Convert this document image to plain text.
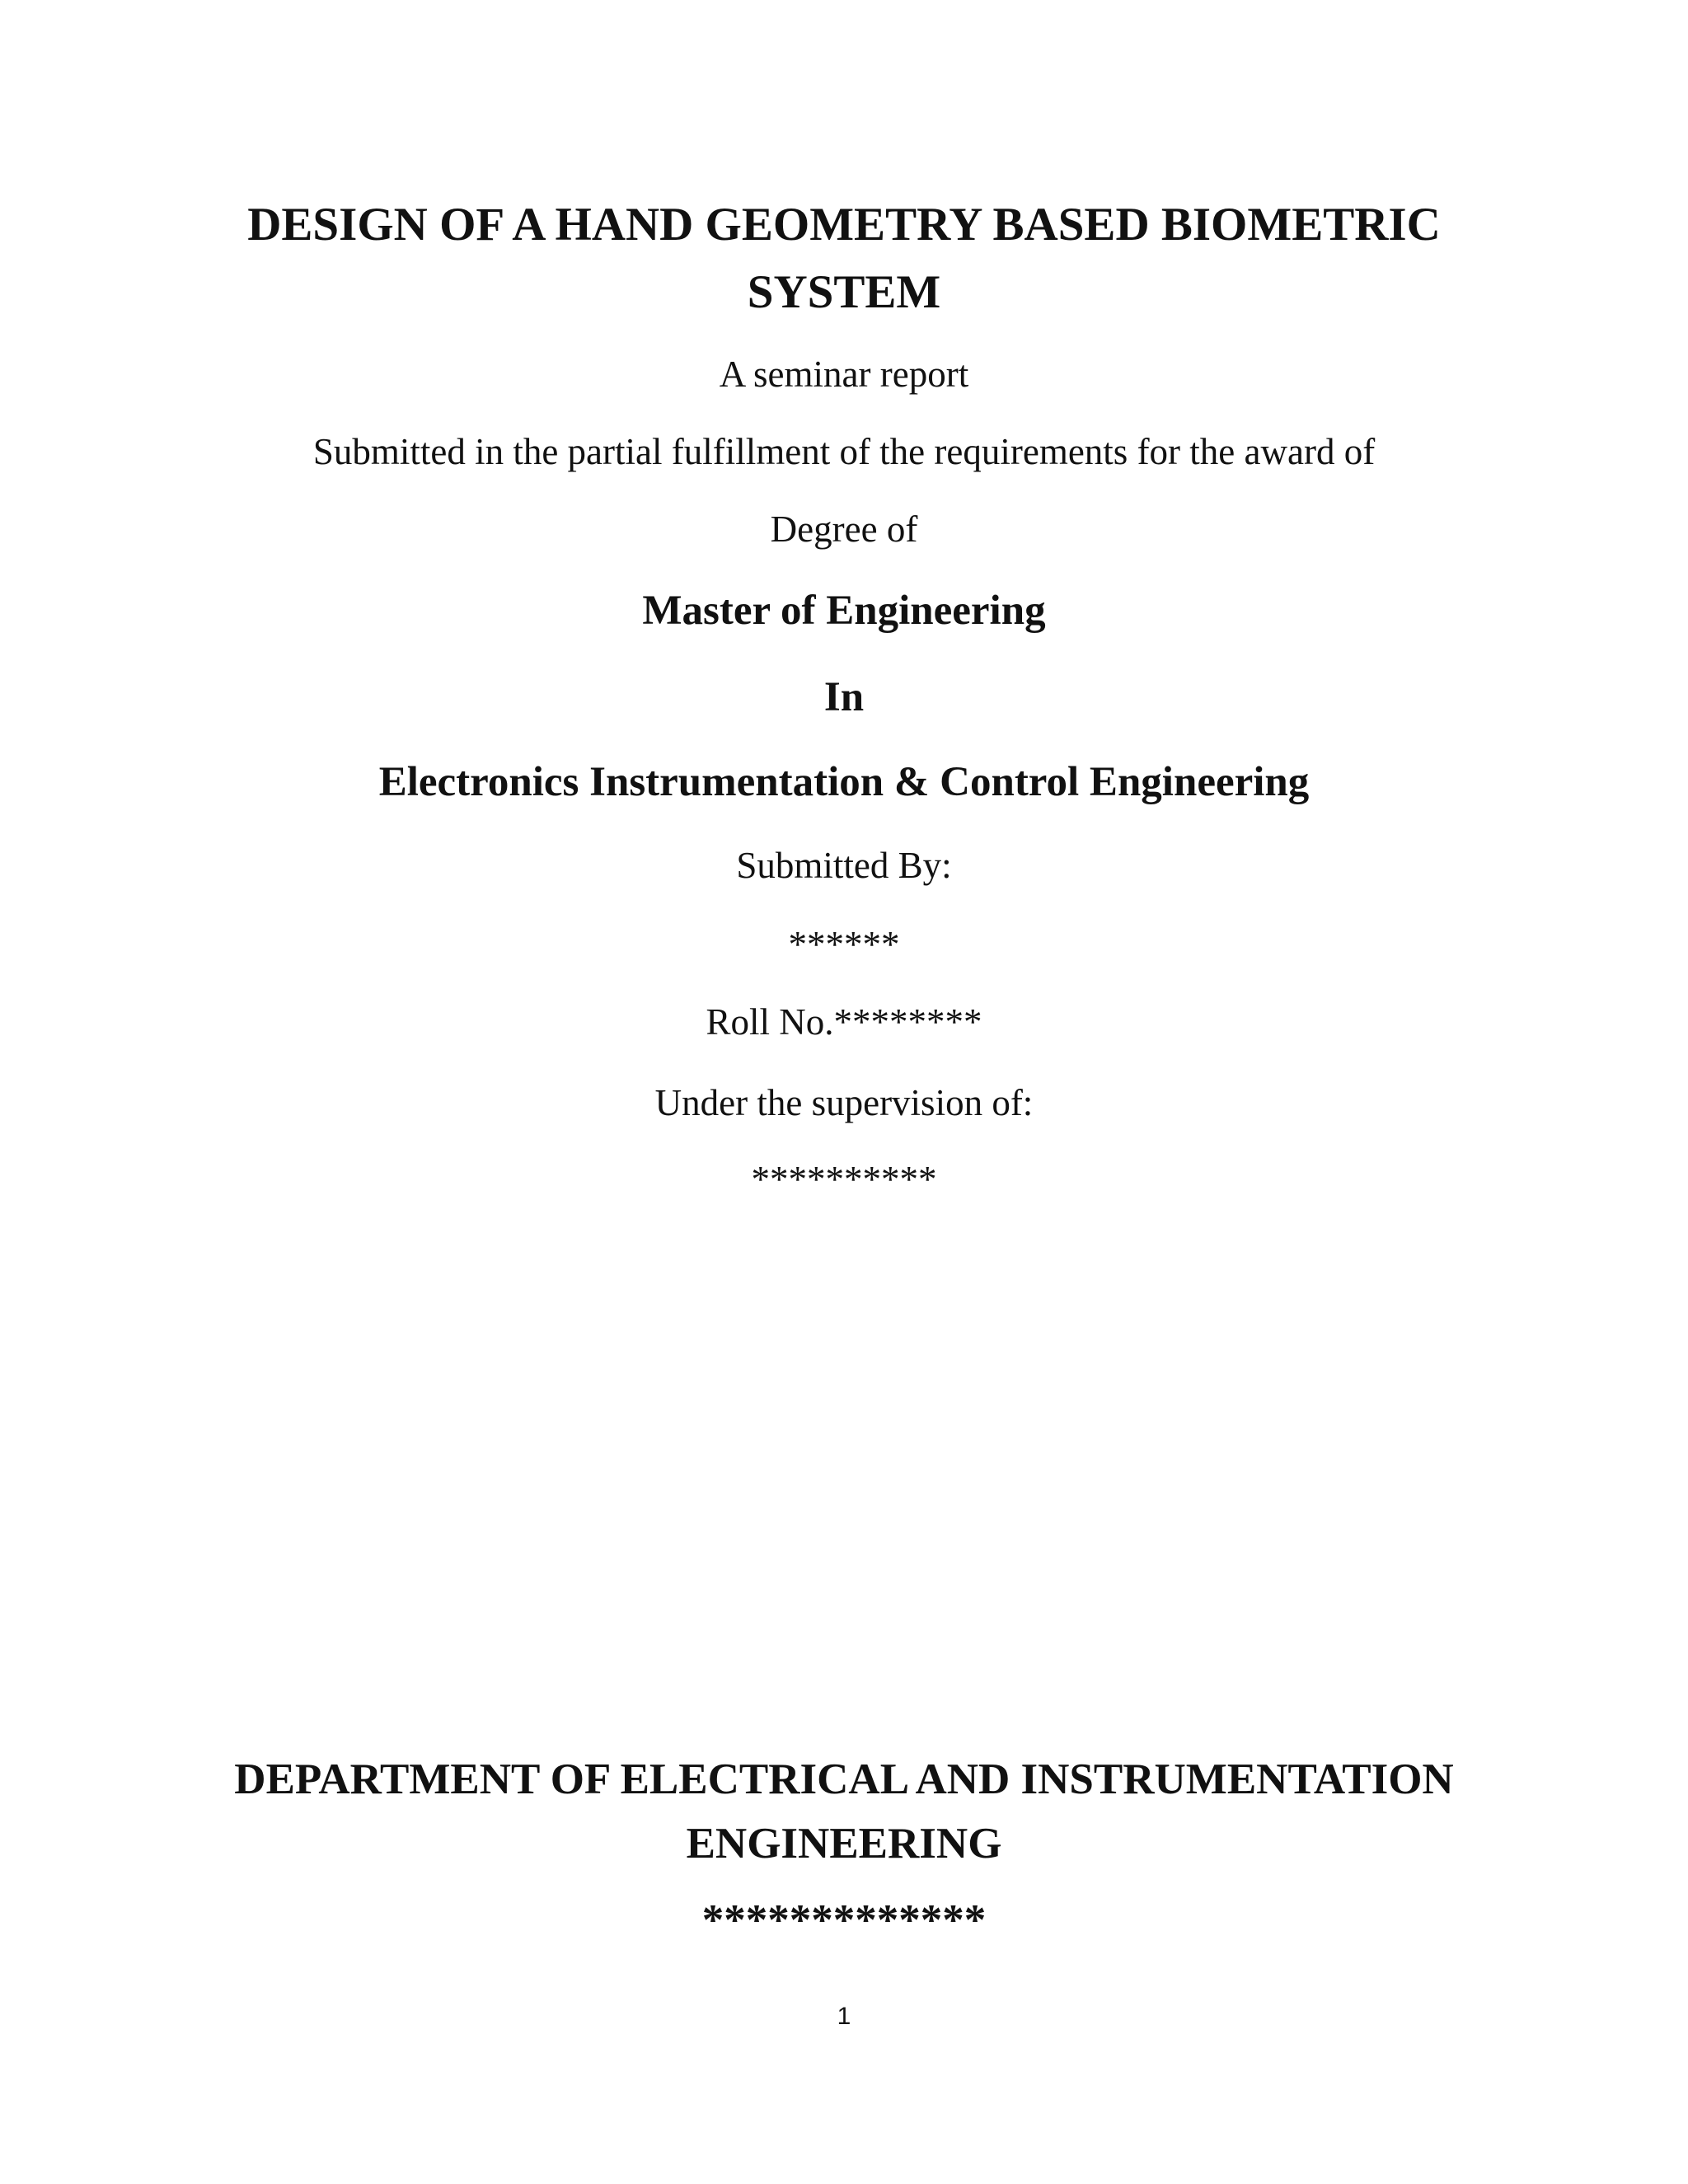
DESIGN OF A HAND GEOMETRY BASED BIOMETRIC SYSTEM
A seminar report
Submitted in the partial fulfillment of the requirements for the award of
Degree of
Master of Engineering
In
Electronics Instrumentation & Control Engineering
Submitted By:
******
Roll No.********
Under the supervision of:
**********
DEPARTMENT OF ELECTRICAL AND INSTRUMENTATION ENGINEERING
*************
1
